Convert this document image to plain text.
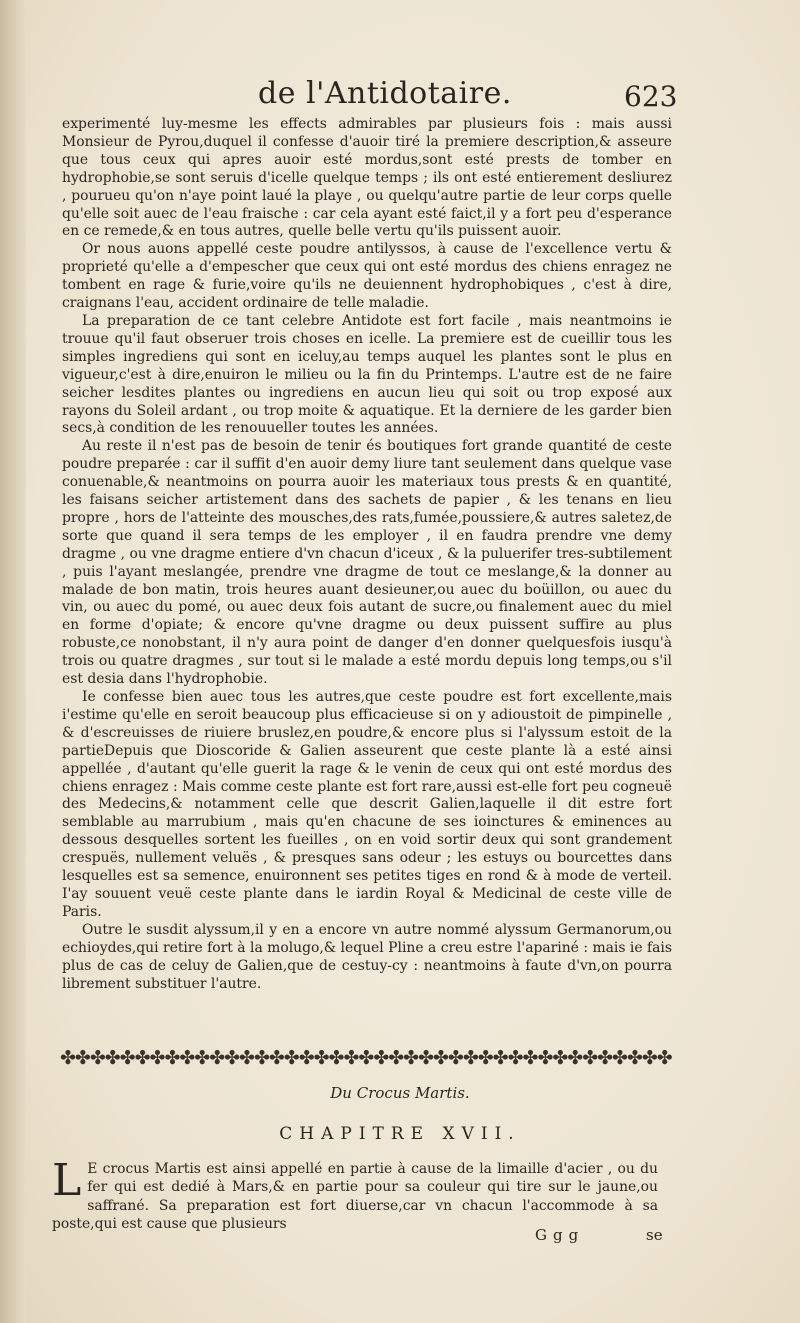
de l'Antidotaire.	623

experimenté luy-mesme les effects admirables par plusieurs fois : mais aussi Monsieur de Pyrou,duquel il confesse d'auoir tiré la premiere description,& asseure que tous ceux qui apres auoir esté mordus,sont esté prests de tomber en hydrophobie,se sont seruis d'icelle quelque temps ; ils ont esté entierement desliurez , pourueu qu'on n'aye point laué la playe , ou quelqu'autre partie de leur corps quelle qu'elle soit auec de l'eau fraische : car cela ayant esté faict,il y a fort peu d'esperance en ce remede,& en tous autres, quelle belle vertu qu'ils puissent auoir.

Or nous auons appellé ceste poudre antilyssos, à cause de l'excellence vertu & proprieté qu'elle a d'empescher que ceux qui ont esté mordus des chiens enragez ne tombent en rage & furie,voire qu'ils ne deuiennent hydrophobiques , c'est à dire, craignans l'eau, accident ordinaire de telle maladie.

La preparation de ce tant celebre Antidote est fort facile , mais neantmoins ie trouue qu'il faut obseruer trois choses en icelle. La premiere est de cueillir tous les simples ingrediens qui sont en iceluy,au temps auquel les plantes sont le plus en vigueur,c'est à dire,enuiron le milieu ou la fin du Printemps. L'autre est de ne faire seicher lesdites plantes ou ingrediens en aucun lieu qui soit ou trop exposé aux rayons du Soleil ardant , ou trop moite & aquatique. Et la derniere de les garder bien secs,à condition de les renouueller toutes les années.

Au reste il n'est pas de besoin de tenir és boutiques fort grande quantité de ceste poudre preparée : car il suffit d'en auoir demy liure tant seulement dans quelque vase conuenable,& neantmoins on pourra auoir les materiaux tous prests & en quantité, les faisans seicher artistement dans des sachets de papier , & les tenans en lieu propre , hors de l'atteinte des mousches,des rats,fumée,poussiere,& autres saletez,de sorte que quand il sera temps de les employer , il en faudra prendre vne demy dragme , ou vne dragme entiere d'vn chacun d'iceux , & la puluerifer tres-subtilement , puis l'ayant meslangée, prendre vne dragme de tout ce meslange,& la donner au malade de bon matin, trois heures auant desieuner,ou auec du boüillon, ou auec du vin, ou auec du pomé, ou auec deux fois autant de sucre,ou finalement auec du miel en forme d'opiate; & encore qu'vne dragme ou deux puissent suffire au plus robuste,ce nonobstant, il n'y aura point de danger d'en donner quelquesfois iusqu'à trois ou quatre dragmes , sur tout si le malade a esté mordu depuis long temps,ou s'il est desia dans l'hydrophobie.

Ie confesse bien auec tous les autres,que ceste poudre est fort excellente,mais i'estime qu'elle en seroit beaucoup plus efficacieuse si on y adioustoit de pimpinelle , & d'escreuisses de riuiere bruslez,en poudre,& encore plus si l'alyssum estoit de la partieDepuis que Dioscoride & Galien asseurent que ceste plante là a esté ainsi appellée , d'autant qu'elle guerit la rage & le venin de ceux qui ont esté mordus des chiens enragez : Mais comme ceste plante est fort rare,aussi est-elle fort peu cogneuë des Medecins,& notamment celle que descrit Galien,laquelle il dit estre fort semblable au marrubium , mais qu'en chacune de ses ioinctures & eminences au dessous desquelles sortent les fueilles , on en void sortir deux qui sont grandement crespuës, nullement veluës , & presques sans odeur ; les estuys ou bourcettes dans lesquelles est sa semence, enuironnent ses petites tiges en rond & à mode de verteil. I'ay souuent veuë ceste plante dans le iardin Royal & Medicinal de ceste ville de Paris.

Outre le susdit alyssum,il y en a encore vn autre nommé alyssum Germanorum,ou echioydes,qui retire fort à la molugo,& lequel Pline a creu estre l'apariné : mais ie fais plus de cas de celuy de Galien,que de cestuy-cy : neantmoins à faute d'vn,on pourra librement substituer l'autre.

✤✤✤✤✤✤✤✤✤✤✤✤✤✤✤✤✤✤✤✤✤✤✤✤✤✤✤✤✤✤✤✤✤✤✤✤✤✤✤✤✤
Du Crocus Martis.
CHAPITRE XVII.
L E crocus Martis est ainsi appellé en partie à cause de la limaille d'acier , ou du fer qui est dedié à Mars,& en partie pour sa couleur qui tire sur le jaune,ou saffrané. Sa preparation est fort diuerse,car vn chacun l'accommode à sa poste,qui est cause que plusieurs
Ggg	se
